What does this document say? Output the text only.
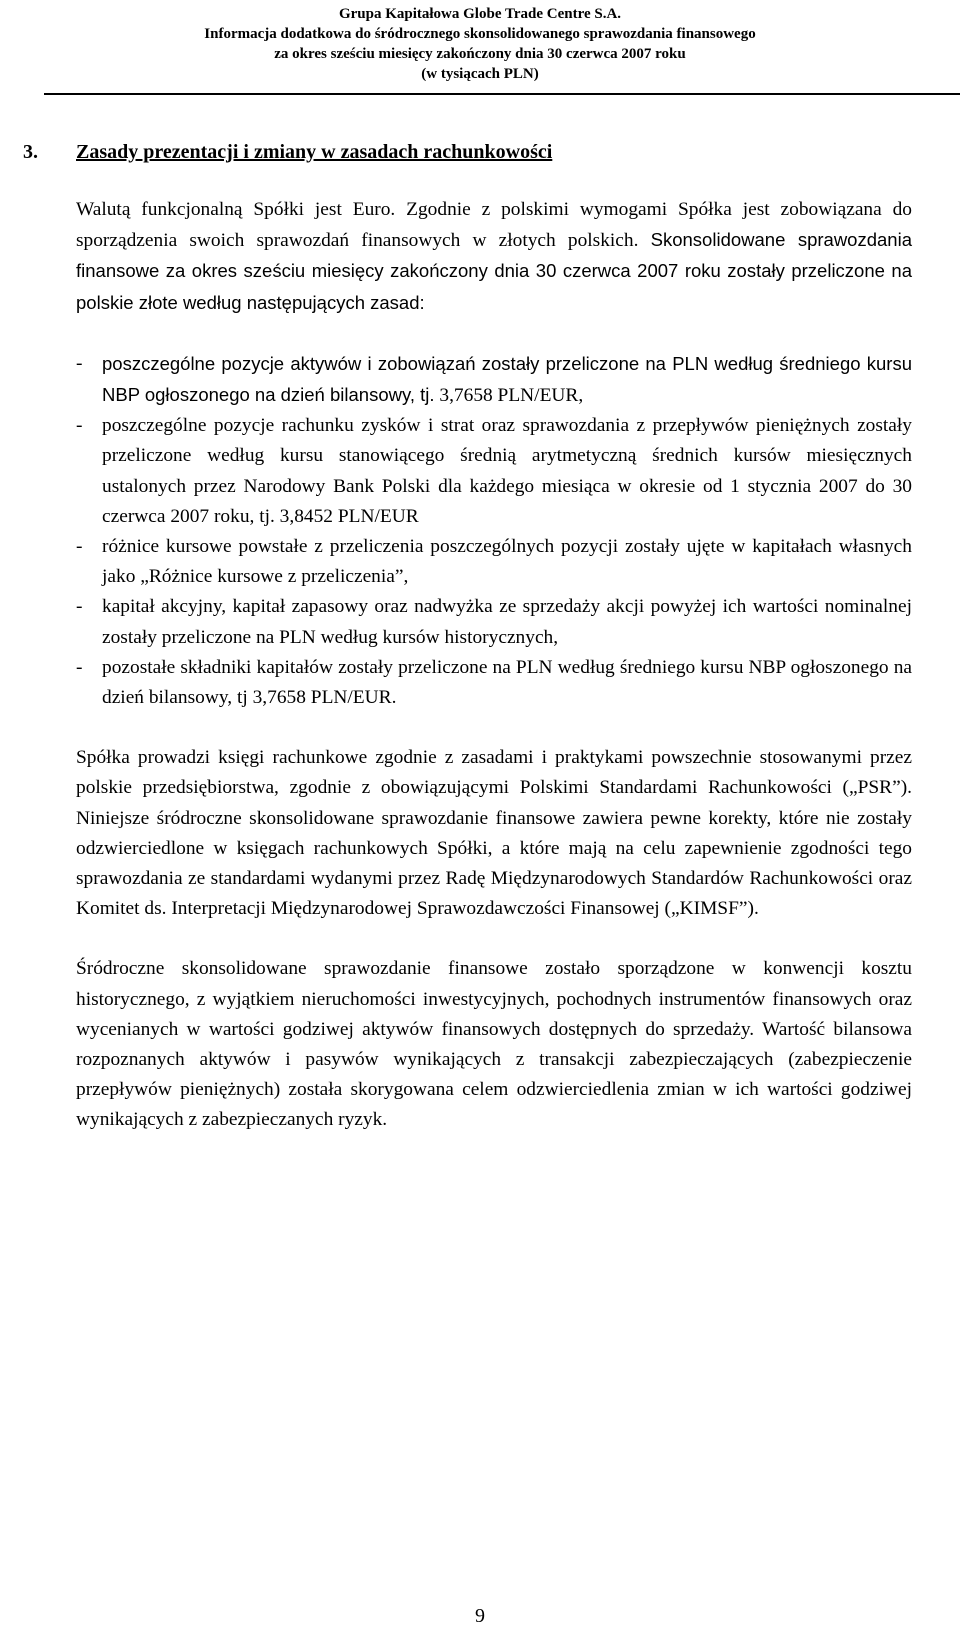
Grupa Kapitałowa Globe Trade Centre S.A.
Informacja dodatkowa do śródrocznego skonsolidowanego sprawozdania finansowego
za okres sześciu miesięcy zakończony dnia 30 czerwca 2007 roku
(w tysiącach PLN)
3. Zasady prezentacji i zmiany w zasadach rachunkowości

Walutą funkcjonalną Spółki jest Euro. Zgodnie z polskimi wymogami Spółka jest zobowiązana do sporządzenia swoich sprawozdań finansowych w złotych polskich. Skonsolidowane sprawozdania finansowe za okres sześciu miesięcy zakończony dnia 30 czerwca 2007 roku zostały przeliczone na polskie złote według następujących zasad:

- poszczególne pozycje aktywów i zobowiązań zostały przeliczone na PLN według średniego kursu NBP ogłoszonego na dzień bilansowy, tj. 3,7658 PLN/EUR,
- poszczególne pozycje rachunku zysków i strat oraz sprawozdania z przepływów pieniężnych zostały przeliczone według kursu stanowiącego średnią arytmetyczną średnich kursów miesięcznych ustalonych przez Narodowy Bank Polski dla każdego miesiąca w okresie od 1 stycznia 2007 do 30 czerwca 2007 roku, tj. 3,8452 PLN/EUR
- różnice kursowe powstałe z przeliczenia poszczególnych pozycji zostały ujęte w kapitałach własnych jako „Różnice kursowe z przeliczenia”,
- kapitał akcyjny, kapitał zapasowy oraz nadwyżka ze sprzedaży akcji powyżej ich wartości nominalnej zostały przeliczone na PLN według kursów historycznych,
- pozostałe składniki kapitałów zostały przeliczone na PLN według średniego kursu NBP ogłoszonego na dzień bilansowy, tj 3,7658 PLN/EUR.

Spółka prowadzi księgi rachunkowe zgodnie z zasadami i praktykami powszechnie stosowanymi przez polskie przedsiębiorstwa, zgodnie z obowiązującymi Polskimi Standardami Rachunkowości („PSR”). Niniejsze śródroczne skonsolidowane sprawozdanie finansowe zawiera pewne korekty, które nie zostały odzwierciedlone w księgach rachunkowych Spółki, a które mają na celu zapewnienie zgodności tego sprawozdania ze standardami wydanymi przez Radę Międzynarodowych Standardów Rachunkowości oraz Komitet ds. Interpretacji Międzynarodowej Sprawozdawczości Finansowej („KIMSF”).

Śródroczne skonsolidowane sprawozdanie finansowe zostało sporządzone w konwencji kosztu historycznego, z wyjątkiem nieruchomości inwestycyjnych, pochodnych instrumentów finansowych oraz wycenianych w wartości godziwej aktywów finansowych dostępnych do sprzedaży. Wartość bilansowa rozpoznanych aktywów i pasywów wynikających z transakcji zabezpieczających (zabezpieczenie przepływów pieniężnych) została skorygowana celem odzwierciedlenia zmian w ich wartości godziwej wynikających z zabezpieczanych ryzyk.

9
